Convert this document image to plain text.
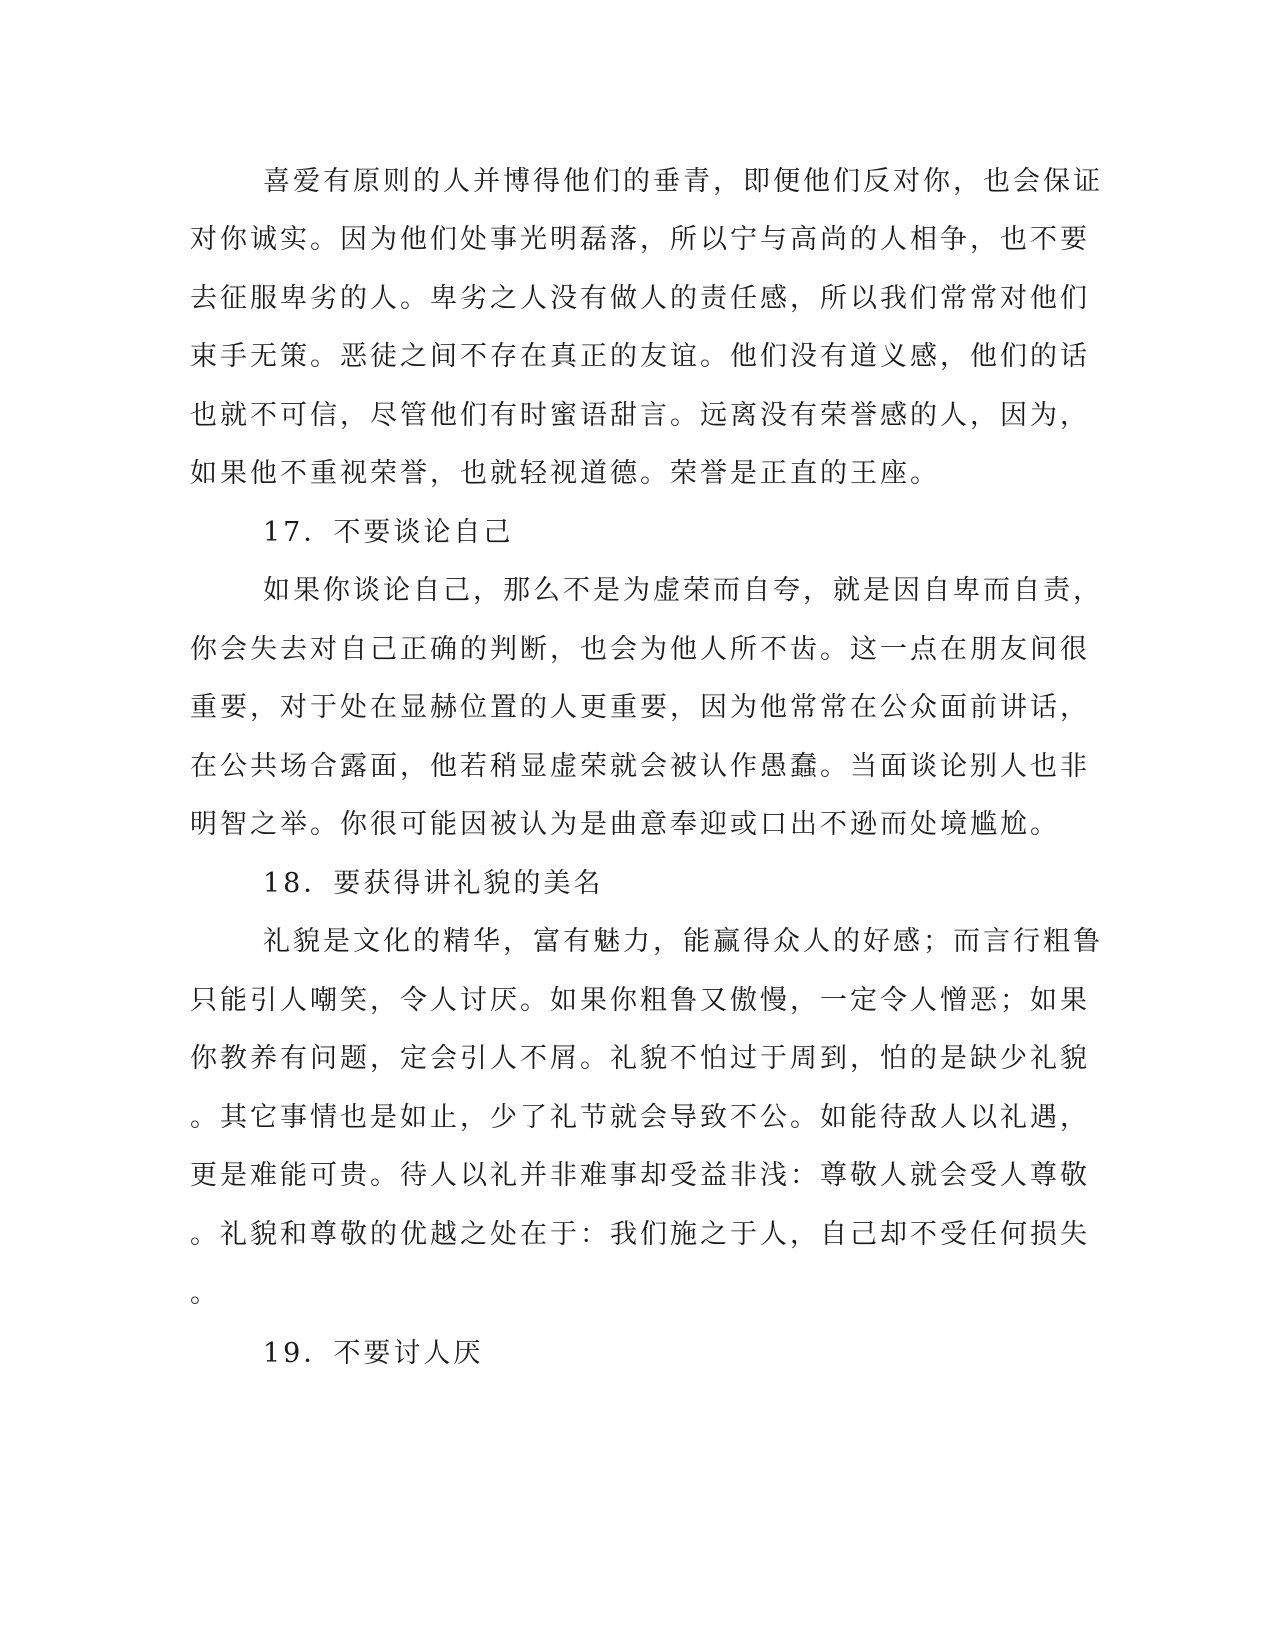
喜爱有原则的人并博得他们的垂青，即便他们反对你，也会保证
对你诚实。因为他们处事光明磊落，所以宁与高尚的人相争，也不要
去征服卑劣的人。卑劣之人没有做人的责任感，所以我们常常对他们
束手无策。恶徒之间不存在真正的友谊。他们没有道义感，他们的话
也就不可信，尽管他们有时蜜语甜言。远离没有荣誉感的人，因为，
如果他不重视荣誉，也就轻视道德。荣誉是正直的王座。
17．不要谈论自己
如果你谈论自己，那么不是为虚荣而自夸，就是因自卑而自责，
你会失去对自己正确的判断，也会为他人所不齿。这一点在朋友间很
重要，对于处在显赫位置的人更重要，因为他常常在公众面前讲话，
在公共场合露面，他若稍显虚荣就会被认作愚蠢。当面谈论别人也非
明智之举。你很可能因被认为是曲意奉迎或口出不逊而处境尴尬。
18．要获得讲礼貌的美名
礼貌是文化的精华，富有魅力，能赢得众人的好感；而言行粗鲁
只能引人嘲笑，令人讨厌。如果你粗鲁又傲慢，一定令人憎恶；如果
你教养有问题，定会引人不屑。礼貌不怕过于周到，怕的是缺少礼貌
。其它事情也是如止，少了礼节就会导致不公。如能待敌人以礼遇，
更是难能可贵。待人以礼并非难事却受益非浅：尊敬人就会受人尊敬
。礼貌和尊敬的优越之处在于：我们施之于人，自己却不受任何损失
。
19．不要讨人厌
